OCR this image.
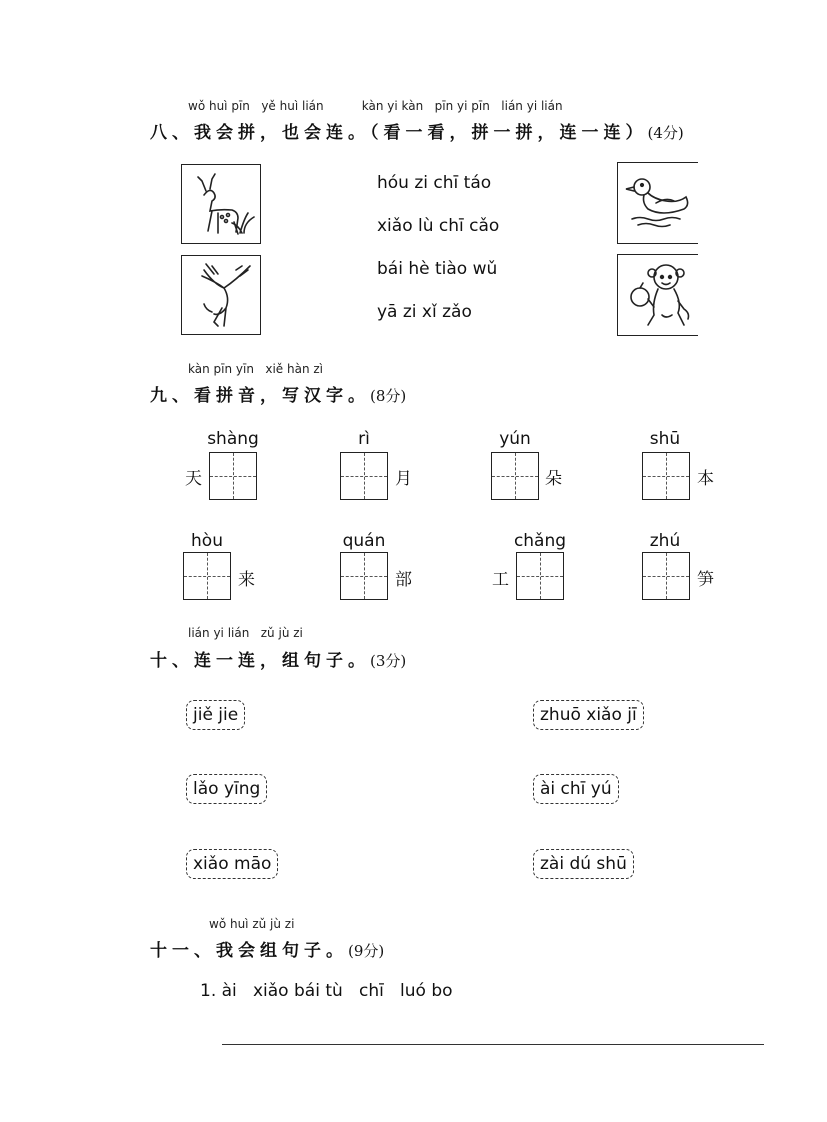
wǒ huì pīn   yě huì lián          kàn yi kàn   pīn yi pīn   lián yi lián
八、我会拼，也会连。（看一看，拼一拼，连一连）(4分)
hóu zi chī táo
xiǎo lù chī cǎo
bái hè tiào wǔ
yā zi xǐ zǎo
kàn pīn yīn   xiě hàn zì
九、看拼音，写汉字。(8分)
shàng
天
rì
月
yún
朵
shū
本
hòu
来
quán
部
chǎng
工
zhú
笋
lián yi lián   zǔ jù zi
十、连一连，组句子。(3分)
jiě jie
lǎo yīng
xiǎo māo
zhuō xiǎo jī
ài chī yú
zài dú shū
wǒ huì zǔ jù zi
十一、我会组句子。(9分)
1. ài   xiǎo bái tù   chī   luó bo
